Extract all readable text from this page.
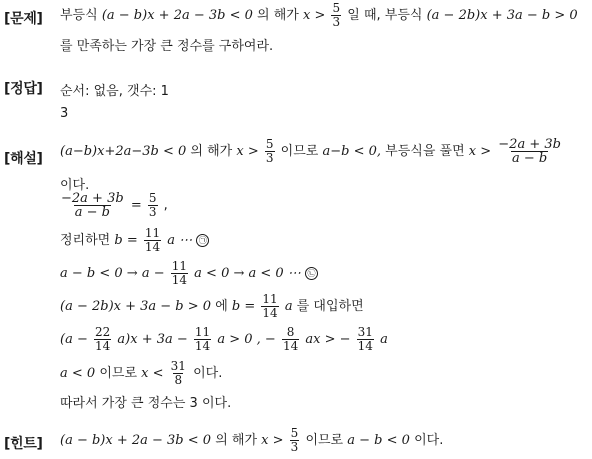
[문제]
[정답]
[해설]
[힌트]
부등식 (a − b)x + 2a − 3b < 0 의 해가 $x > \frac{5}{3}$ 일 때, 부등식 (a − 2b)x + 3a − b > 0
를 만족하는 가장 큰 정수를 구하여라.
순서: 없음, 갯수: 1
3
(a−b)x+2a−3b < 0 의 해가 $x > \frac{5}{3}$ 이므로 a−b < 0, 부등식을 풀면 $x > \frac{-2a + 3b}{a - b}$
이다.
$\frac{-2a + 3b}{a - b} = \frac{5}{3}$ ,
정리하면 $b = \frac{11}{14}$ a ⋯ ㉠
$a - b < 0 \to a - \frac{11}{14}$ a < 0 → a < 0 ⋯ ㉡
(a − 2b)x + 3a − b > 0 에 $b = \frac{11}{14}$ a 를 대입하면
$(a - \frac{22}{14} a)x + 3a - \frac{11}{14}$ a > 0 , − $\frac{8}{14}$ ax > − $\frac{31}{14}$ a
a < 0 이므로 $x < \frac{31}{8}$ 이다.
따라서 가장 큰 정수는 3 이다.
(a − b)x + 2a − 3b < 0 의 해가 $x > \frac{5}{3}$ 이므로 a − b < 0 이다.
